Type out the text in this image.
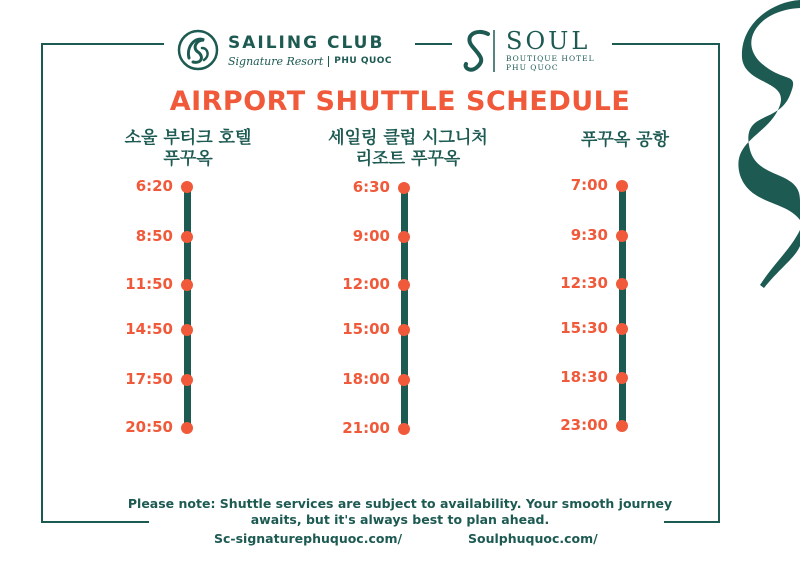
SAILING CLUB
Signature Resort PHU QUOC
SOUL
BOUTIQUE HOTEL
PHU QUOC
AIRPORT SHUTTLE SCHEDULE
소울 부티크 호텔
푸꾸옥
세일링 클럽 시그니처
리조트 푸꾸옥
푸꾸옥 공항
6:20
8:50
11:50
14:50
17:50
20:50
6:30
9:00
12:00
15:00
18:00
21:00
7:00
9:30
12:30
15:30
18:30
23:00
Please note: Shuttle services are subject to availability. Your smooth journey
awaits, but it's always best to plan ahead.
Sc-signaturephuquoc.com/	Soulphuquoc.com/
